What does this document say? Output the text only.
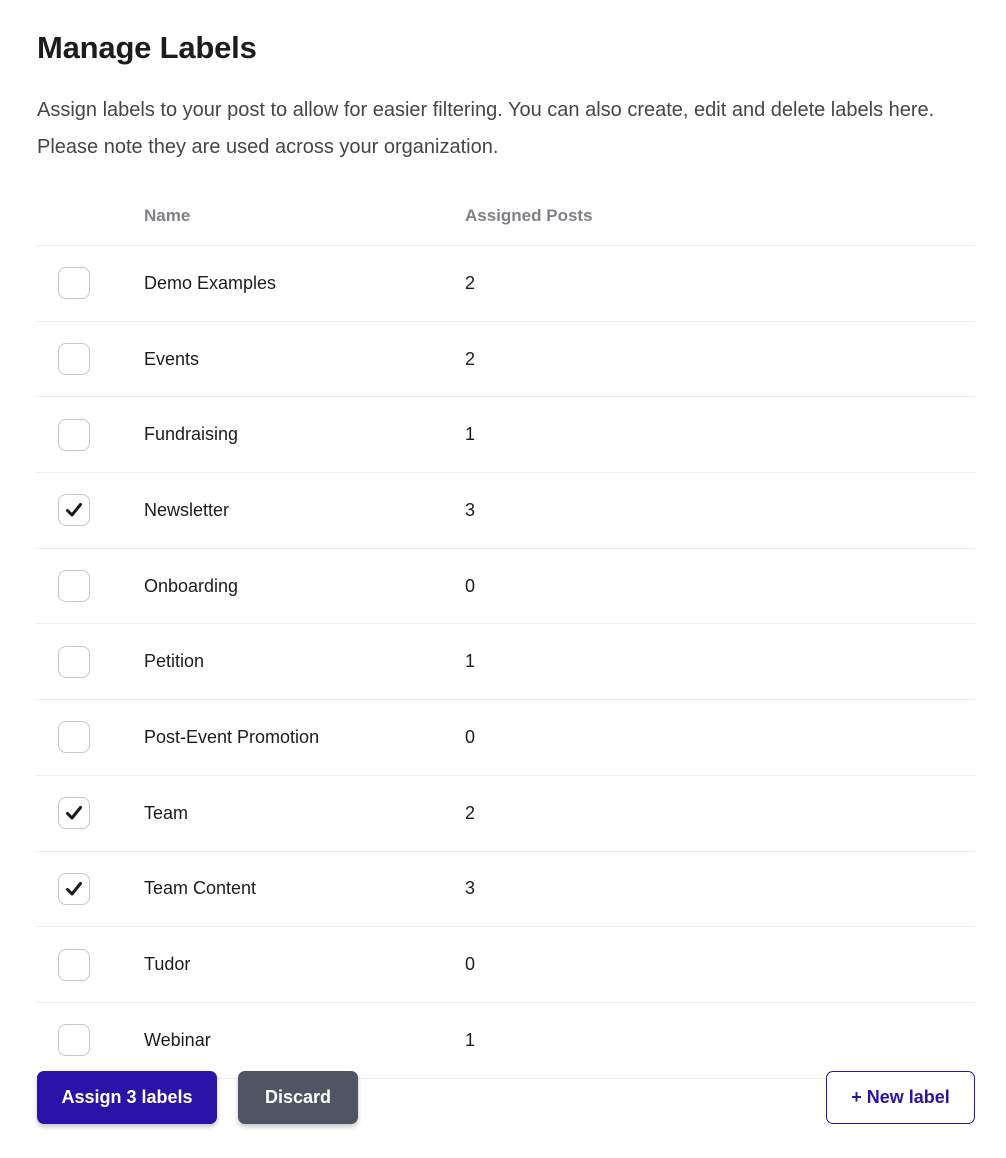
Manage Labels

Assign labels to your post to allow for easier filtering. You can also create, edit and delete labels here. Please note they are used across your organization.

Name	Assigned Posts
Demo Examples	2
Events	2
Fundraising	1
Newsletter	3
Onboarding	0
Petition	1
Post-Event Promotion	0
Team	2
Team Content	3
Tudor	0
Webinar	1
Assign 3 labels	Discard	+ New label
